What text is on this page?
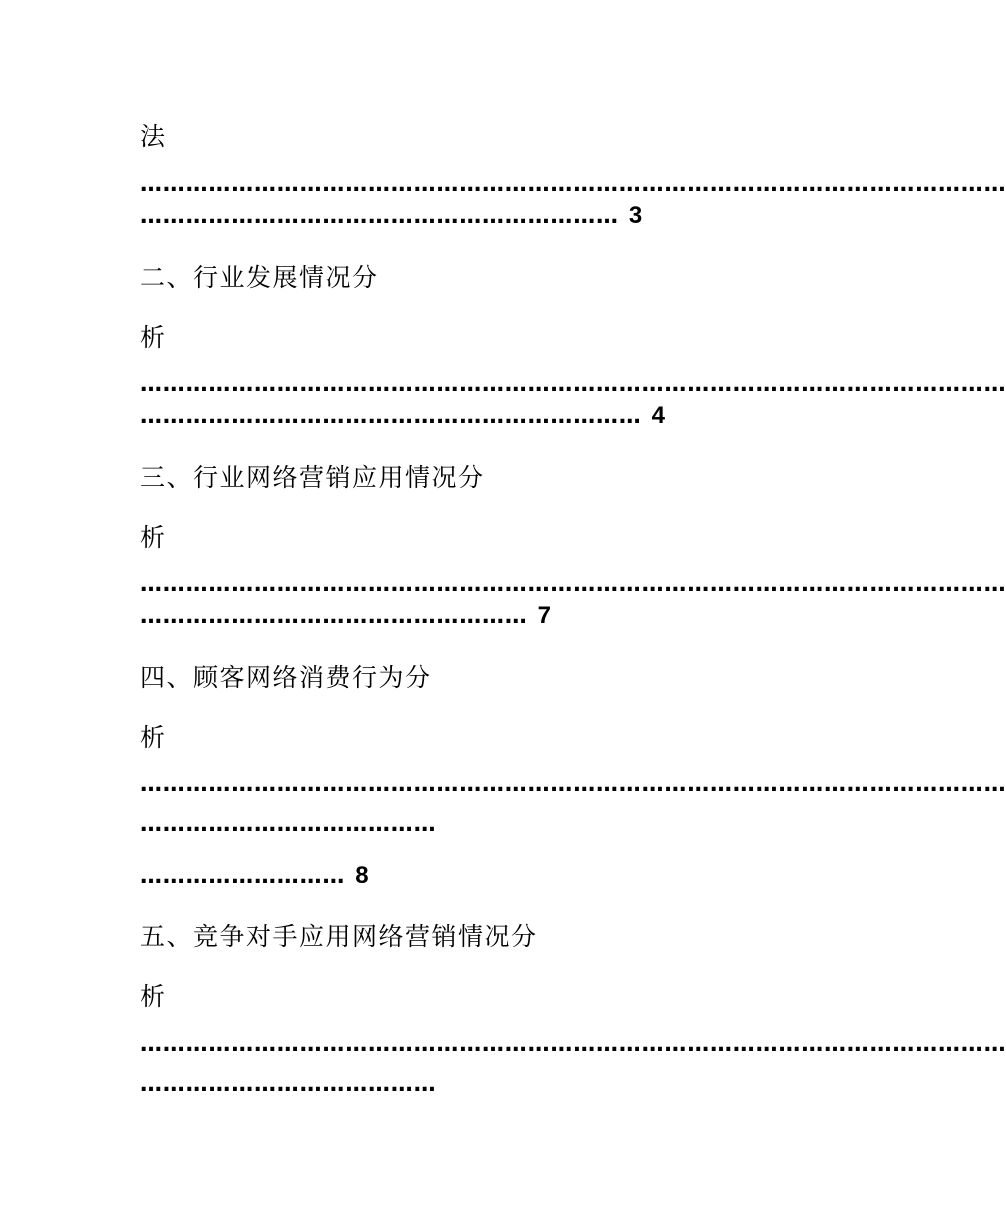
法
……………………………………………………………………………………………………
……………………………………………………… 3
二、行业发展情况分
析
……………………………………………………………………………………………………
………………………………………………………… 4
三、行业网络营销应用情况分
析
……………………………………………………………………………………………………
…………………………………………… 7
四、顾客网络消费行为分
析
……………………………………………………………………………………………………
…………………………………
……………………… 8
五、竞争对手应用网络营销情况分
析
……………………………………………………………………………………………………
…………………………………
